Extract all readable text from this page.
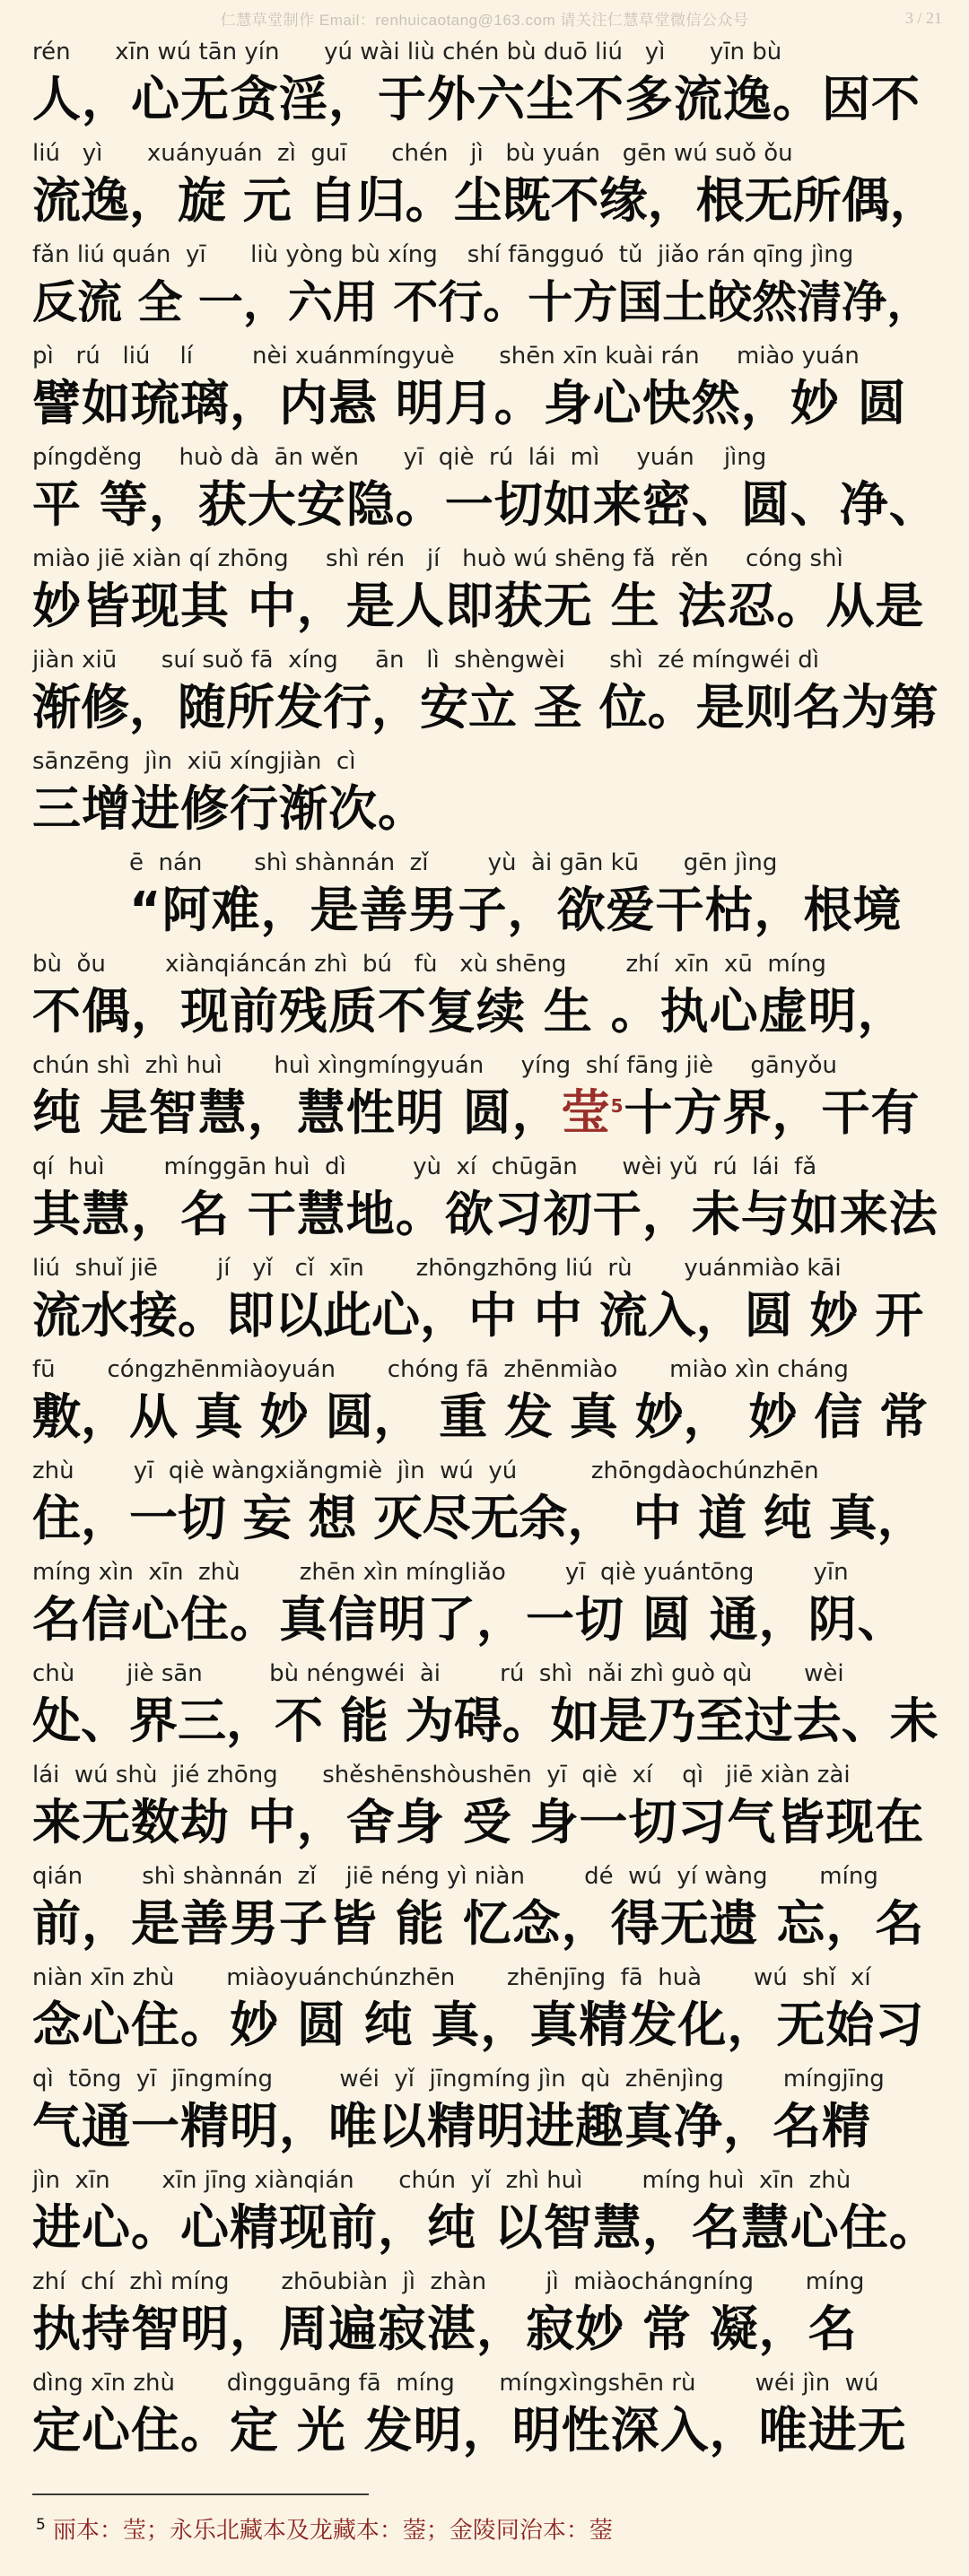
仁慧草堂制作 Email：renhuicaotang@163.com 请关注仁慧草堂微信公众号	3 / 21
rén      xīn wú tān yín      yú wài liù chén bù duō liú   yì      yīn bù
人，心无贪淫，于外六尘不多流逸。因不
liú   yì      xuányuán  zì  guī      chén   jì   bù yuán   gēn wú suǒ ǒu
流逸，旋 元 自归。尘既不缘，根无所偶，
fǎn liú quán  yī      liù yòng bù xíng    shí fāngguó  tǔ  jiǎo rán qīng jìng
反流 全 一，六用 不行。十方国土皎然清净，
pì   rú   liú    lí        nèi xuánmíngyuè      shēn xīn kuài rán     miào yuán
譬如琉璃，内悬 明月。身心快然，妙 圆
píngděng     huò dà  ān wěn      yī  qiè  rú  lái  mì     yuán    jìng
平 等，获大安隐。一切如来密、圆、净、
miào jiē xiàn qí zhōng     shì rén   jí   huò wú shēng fǎ  rěn     cóng shì
妙皆现其 中，是人即获无 生 法忍。从是
jiàn xiū      suí suǒ fā  xíng     ān   lì  shèngwèi      shì  zé míngwéi dì
渐修，随所发行，安立 圣 位。是则名为第
sānzēng  jìn  xiū xíngjiàn  cì
三增进修行渐次。
ē  nán       shì shànnán  zǐ        yù  ài gān kū      gēn jìng
“阿难，是善男子，欲爱干枯，根境
bù  ǒu        xiànqiáncán zhì  bú   fù   xù shēng        zhí  xīn  xū  míng
不偶，现前残质不复续 生 。执心虚明，
chún shì  zhì huì       huì xìngmíngyuán     yíng  shí fāng jiè     gānyǒu
纯 是智慧，慧性明 圆，莹$^5$十方界，干有
qí  huì        mínggān huì  dì         yù  xí  chūgān      wèi yǔ  rú  lái  fǎ
其慧，名 干慧地。欲习初干，未与如来法
liú  shuǐ jiē        jí   yǐ   cǐ  xīn       zhōngzhōng liú  rù       yuánmiào kāi
流水接。即以此心，中 中 流入，圆 妙 开
fū       cóngzhēnmiàoyuán       chóng fā  zhēnmiào       miào xìn cháng
敷，从 真 妙 圆， 重 发 真 妙， 妙 信 常
zhù        yī  qiè wàngxiǎngmiè  jìn  wú  yú          zhōngdàochúnzhēn
住，一切 妄 想 灭尽无余， 中 道 纯 真，
míng xìn  xīn  zhù        zhēn xìn míngliǎo        yī  qiè yuántōng        yīn
名信心住。真信明了，一切 圆 通，阴、
chù       jiè sān         bù néngwéi  ài        rú  shì  nǎi zhì guò qù       wèi
处、界三，不 能 为碍。如是乃至过去、未
lái  wú shù  jié zhōng      shěshēnshòushēn  yī  qiè  xí    qì   jiē xiàn zài
来无数劫 中，舍身 受 身一切习气皆现在
qián        shì shànnán  zǐ    jiē néng yì niàn        dé  wú  yí wàng       míng
前，是善男子皆 能 忆念，得无遗 忘，名
niàn xīn zhù       miàoyuánchúnzhēn       zhēnjīng  fā  huà       wú  shǐ  xí
念心住。妙 圆 纯 真，真精发化，无始习
qì  tōng  yī  jīngmíng         wéi  yǐ  jīngmíng jìn  qù  zhēnjìng        míngjīng
气通一精明，唯以精明进趣真净，名精
jìn  xīn       xīn jīng xiànqián      chún  yǐ  zhì huì        míng huì  xīn  zhù
进心。心精现前，纯 以智慧，名慧心住。
zhí  chí  zhì míng       zhōubiàn  jì  zhàn        jì  miàochángníng       míng
执持智明，周遍寂湛，寂妙 常 凝，名
dìng xīn zhù       dìngguāng fā  míng      míngxìngshēn rù        wéi jìn  wú
定心住。定 光 发明，明性深入，唯进无
$^5$ 丽本：莹；永乐北藏本及龙藏本：蓥；金陵同治本：蓥
